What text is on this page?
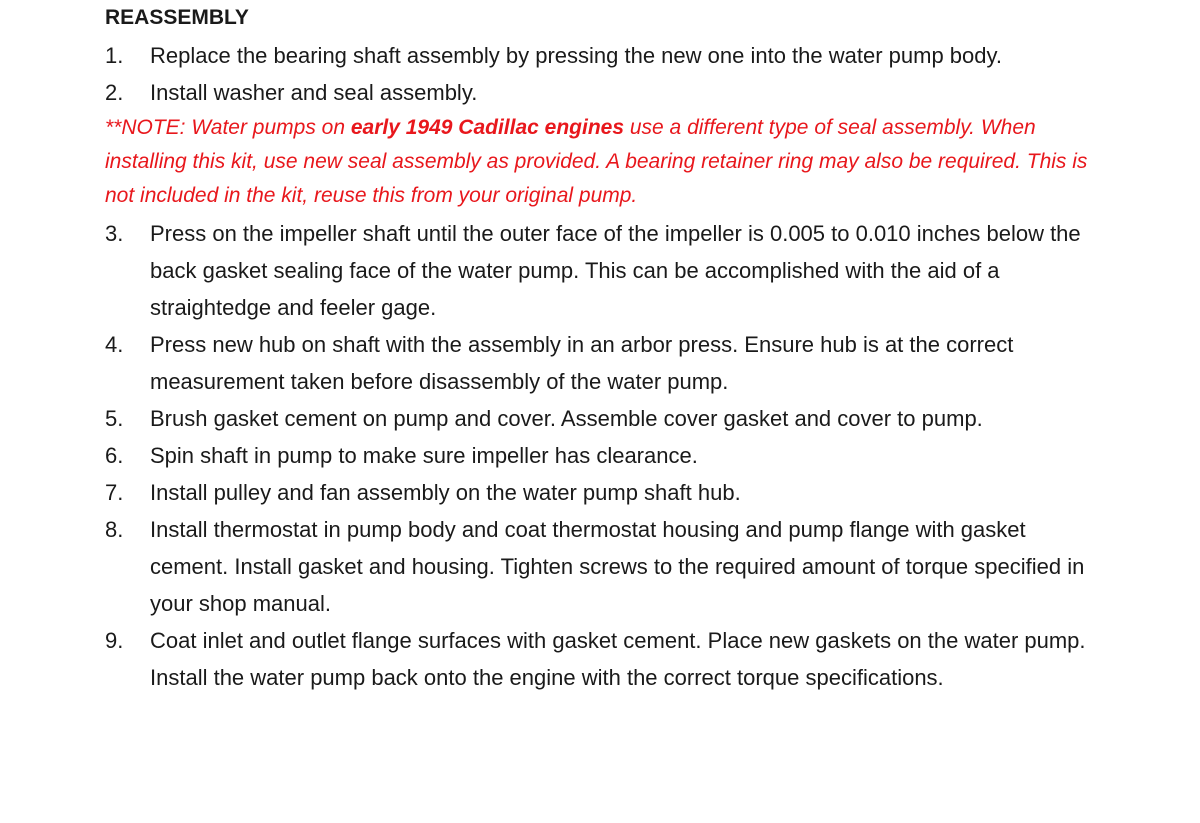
REASSEMBLY
1.	Replace the bearing shaft assembly by pressing the new one into the water pump body.
2.	Install washer and seal assembly.

**NOTE: Water pumps on early 1949 Cadillac engines use a different type of seal assembly. When installing this kit, use new seal assembly as provided. A bearing retainer ring may also be required. This is not included in the kit, reuse this from your original pump.

3.	Press on the impeller shaft until the outer face of the impeller is 0.005 to 0.010 inches below the back gasket sealing face of the water pump. This can be accomplished with the aid of a straightedge and feeler gage.
4.	Press new hub on shaft with the assembly in an arbor press. Ensure hub is at the correct measurement taken before disassembly of the water pump.
5.	Brush gasket cement on pump and cover. Assemble cover gasket and cover to pump.
6.	Spin shaft in pump to make sure impeller has clearance.
7.	Install pulley and fan assembly on the water pump shaft hub.
8.	Install thermostat in pump body and coat thermostat housing and pump flange with gasket cement. Install gasket and housing. Tighten screws to the required amount of torque specified in your shop manual.
9.	Coat inlet and outlet flange surfaces with gasket cement. Place new gaskets on the water pump. Install the water pump back onto the engine with the correct torque specifications.
